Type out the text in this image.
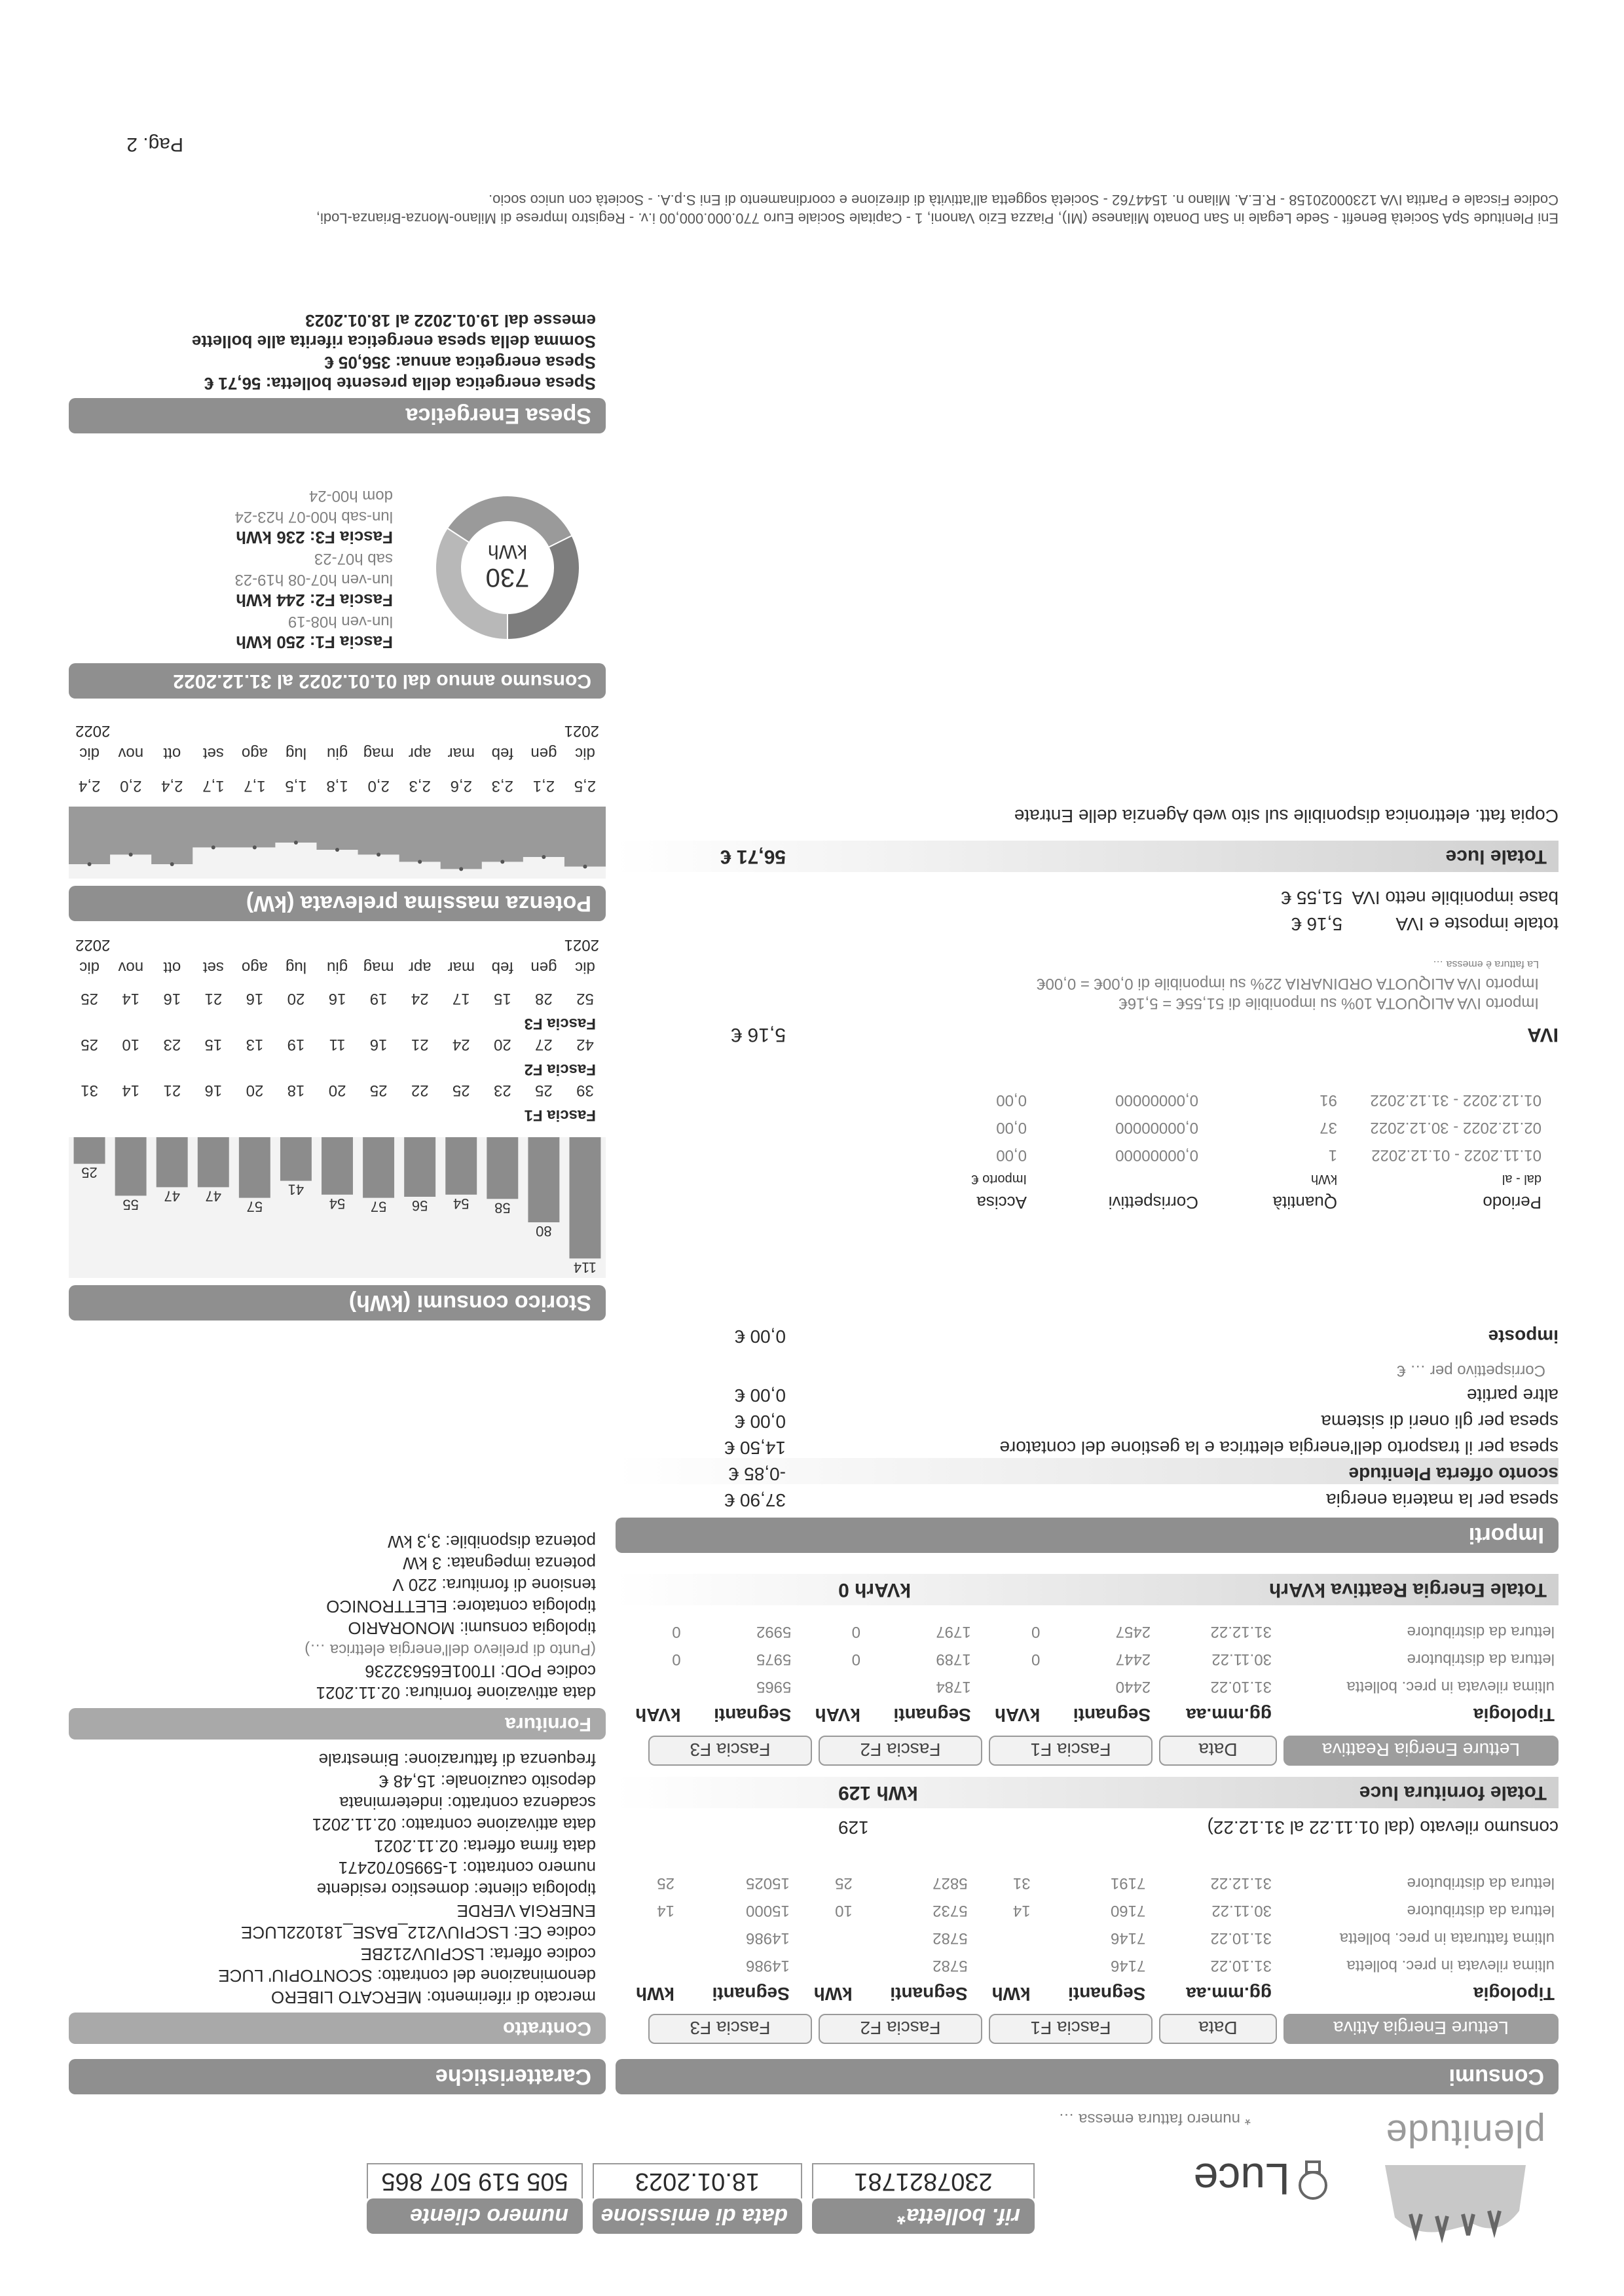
plenitude
Luce
rif. bolletta*
2307821781
data di emissione
18.01.2023
numero cliente
505 519 507 865
* numero fattura emessa …
Consumi
Letture Energia Attiva
Data
Fascia F1
Fascia F2
Fascia F3
Tipologia	gg.mm.aa	Segnanti	kWh	Segnanti	kWh	Segnanti	kWh
ultima rilevata in prec. bolletta	31.10.22	7146		5782		14986	
ultima fatturata in prec. bolletta	31.10.22	7146		5782		14986	
lettura da distributore	30.11.22	7160	14	5732	10	15000	14
lettura da distributore	31.12.22	7191	31	5827	25	15025	25
consumo rilevato (dal 01.11.22 al 31.12.22)
129
Totale fornitura luce
kWh 129
Letture Energia Reattiva
Data
Fascia F1
Fascia F2
Fascia F3
Tipologia	gg.mm.aa	Segnanti	kVAh	Segnanti	kVAh	Segnanti	kVAh
ultima rilevata in prec. bolletta	31.10.22	2440		1784		5965	
lettura da distributore	30.11.22	2447	0	1789	0	5975	0
lettura da distributore	31.12.22	2457	0	1797	0	5992	0
Totale Energia Reattiva kVArh
kVArh 0
Importi
spesa per la materia energia
37,90 €
sconto offerta Plenitude
-0,85 €
spesa per il trasporto dell'energia elettrica e la gestione del contatore
14,50 €
spesa per gli oneri di sistema
0,00 €
altre partite
0,00 €
Corrispettivo per … €
imposte
0,00 €
Periodo	Quantità	Corrispettivi	Accisa
dal - al	kWh		Importo €
01.11.2022 - 01.12.2022	1	0,00000000	0,00
02.12.2022 - 30.12.2022	37	0,00000000	0,00
01.12.2022 - 31.12.2022	91	0,00000000	0,00
IVA
5,16 €
Importo IVA ALIQUOTA 10% su imponibile di 51,55€ = 5,16€
Importo IVA ALIQUOTA ORDINARIA 22% su imponibile di 0,00€ = 0,00€
La fattura è emessa …
totale imposte e IVA
5,16 €
base imponibile netto IVA
51,55 €
Totale luce
56,71 €
Copia fatt. elettronica disponibile sul sito web Agenzia delle Entrate
Caratteristiche
Contratto
mercato di riferimento: MERCATO LIBERO
denominazione del contratto: SCONTOPIU' LUCE
codice offerta: LSCPIUV212BE
codice CE: LSCPIUV212_BASE_181022LUCE
ENERGIA VERDE
tipologia cliente: domestico residente
numero contratto: 1-59950702471
data firma offerta: 02.11.2021
data attivazione contratto: 02.11.2021
scadenza contratto: indeterminata
deposito cauzionale: 15,48 €
frequenza di fatturazione: Bimestrale
Fornitura
data attivazione fornitura: 02.11.2021
codice POD: IT001E65632236
(Punto di prelievo dell'energia elettrica …)
tipologia consumi: MONORARIO
tipologia contatore: ELETTRONICO
tensione di fornitura: 220 V
potenza impegnata: 3 kW
potenza disponibile: 3,3 kW
Storico consumi (kWh)
114
80
58
54
56
57
54
41
57
47
47
55
25
Fascia F1
39	25	23	25	22	25	20	18	20	16	21	14	31
Fascia F2
42	27	20	24	21	16	11	19	13	15	23	10	25
Fascia F3
52	28	15	17	24	19	16	20	16	21	16	14	25
dic	gen	feb	mar	apr	mag	giu	lug	ago	set	ott	nov	dic
2021
2022
Potenza massima prelevata (kW)
2,5	2,1	2,3	2,6	2,3	2,0	1,8	1,5	1,7	1,7	2,4	2,0	2,4
dic	gen	feb	mar	apr	mag	giu	lug	ago	set	ott	nov	dic
2021
2022
Consumo annuo dal 01.01.2022 al 31.12.2022
730
kWh
Fascia F1: 250 kWh
lun-ven h08-19
Fascia F2: 244 kWh
lun-ven h07-08 h19-23
sab h07-23
Fascia F3: 236 kWh
lun-sab h00-07 h23-24
dom h00-24
Spesa Energetica
Spesa energetica della presente bolletta: 56,71 €
Spesa energetica annua: 356,05 €
Somma della spesa energetica riferita alle bollette
emesse dal 19.01.2022 al 18.01.2023
Eni Plenitude SpA Società Benefit - Sede Legale in San Donato Milanese (MI), Piazza Ezio Vanoni, 1 - Capitale Sociale Euro 770.000.000,00 i.v. - Registro Imprese di Milano-Monza-Brianza-Lodi,
Codice Fiscale e Partita IVA 12300020158 - R.E.A. Milano n. 1544762 - Società soggetta all'attività di direzione e coordinamento di Eni S.p.A. - Società con unico socio.
Pag. 2
